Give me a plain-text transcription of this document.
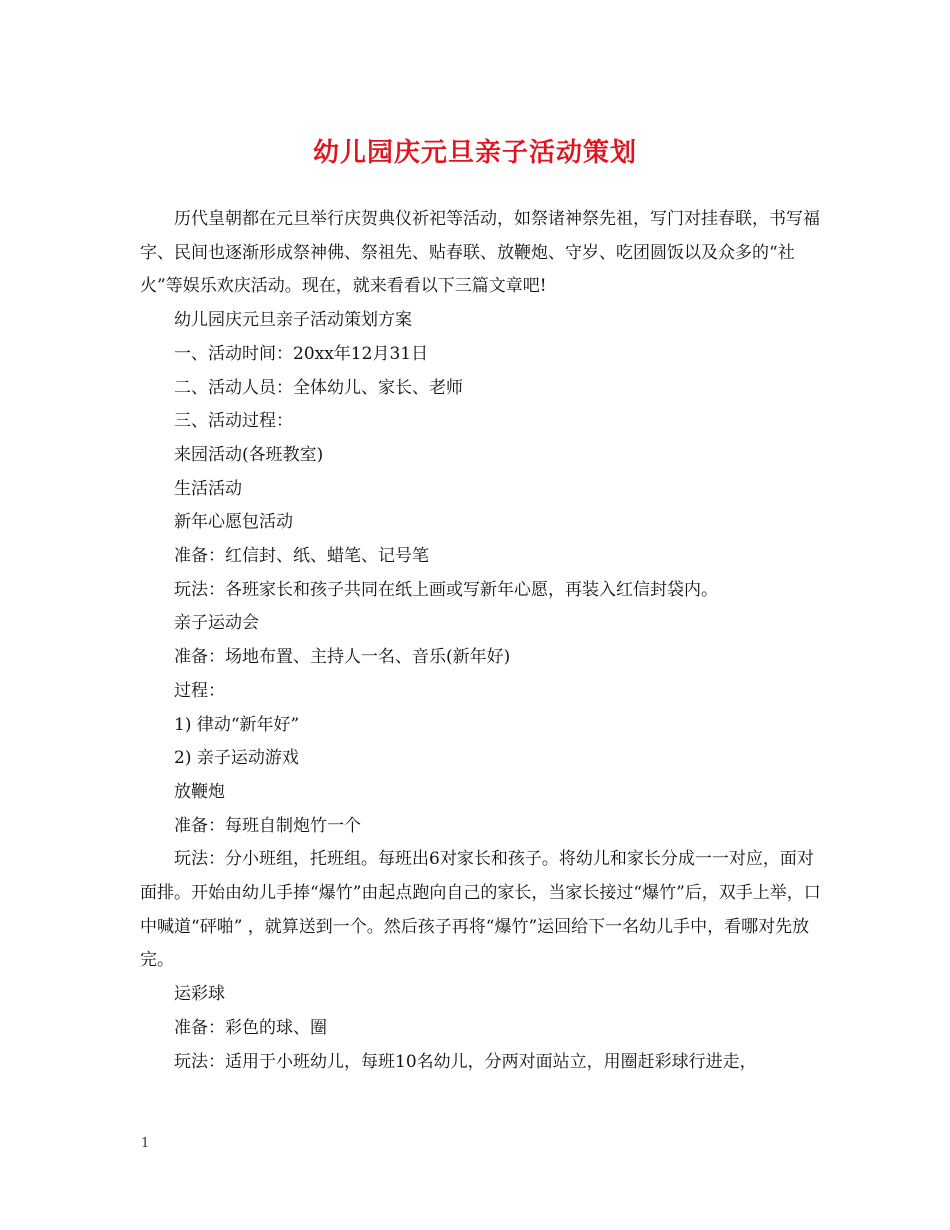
幼儿园庆元旦亲子活动策划

历代皇朝都在元旦举行庆贺典仪祈祀等活动，如祭诸神祭先祖，写门对挂春联，书写福字、民间也逐渐形成祭神佛、祭祖先、贴春联、放鞭炮、守岁、吃团圆饭以及众多的“社火”等娱乐欢庆活动。现在，就来看看以下三篇文章吧!

幼儿园庆元旦亲子活动策划方案

一、活动时间：20xx年12月31日

二、活动人员：全体幼儿、家长、老师

三、活动过程：

来园活动(各班教室)

生活活动

新年心愿包活动

准备：红信封、纸、蜡笔、记号笔

玩法：各班家长和孩子共同在纸上画或写新年心愿，再装入红信封袋内。

亲子运动会

准备：场地布置、主持人一名、音乐(新年好)

过程：

1) 律动“新年好”

2) 亲子运动游戏

放鞭炮

准备：每班自制炮竹一个

玩法：分小班组，托班组。每班出6对家长和孩子。将幼儿和家长分成一一对应，面对面排。开始由幼儿手捧“爆竹”由起点跑向自己的家长，当家长接过“爆竹”后，双手上举，口中喊道“砰啪” ，就算送到一个。然后孩子再将“爆竹”运回给下一名幼儿手中，看哪对先放完。

运彩球

准备：彩色的球、圈

玩法：适用于小班幼儿，每班10名幼儿，分两对面站立，用圈赶彩球行进走，

1
